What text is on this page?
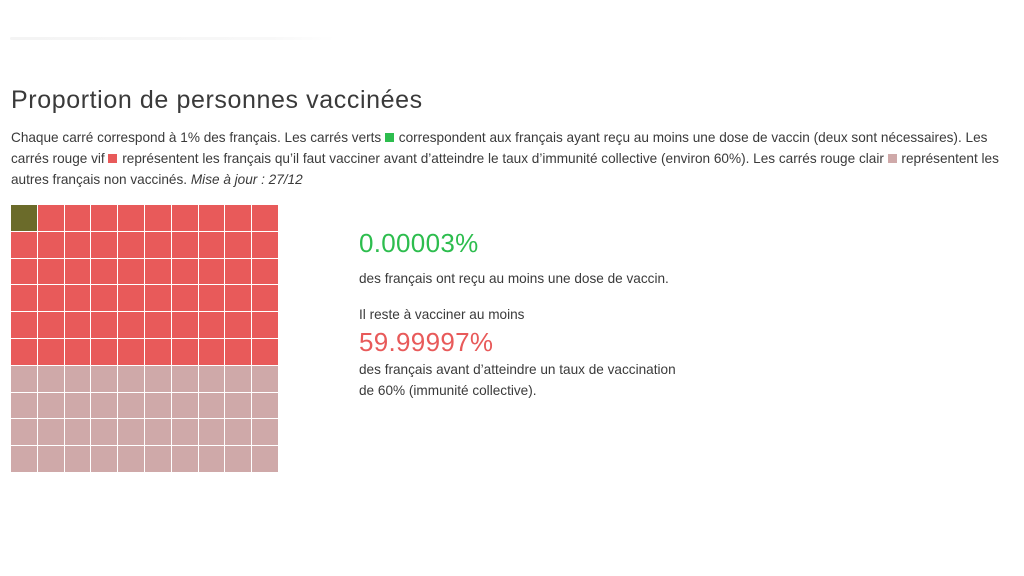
Proportion de personnes vaccinées

Chaque carré correspond à 1% des français. Les carrés verts  correspondent aux français ayant reçu au moins une dose de vaccin (deux sont nécessaires). Les carrés rouge vif  représentent les français qu’il faut vacciner avant d’atteindre le taux d’immunité collective (environ 60%). Les carrés rouge clair  représentent les autres français non vaccinés. Mise à jour : 27/12

0.00003%

des français ont reçu au moins une dose de vaccin.

Il reste à vacciner au moins

59.99997%

des français avant d’atteindre un taux de vaccination de 60% (immunité collective).
